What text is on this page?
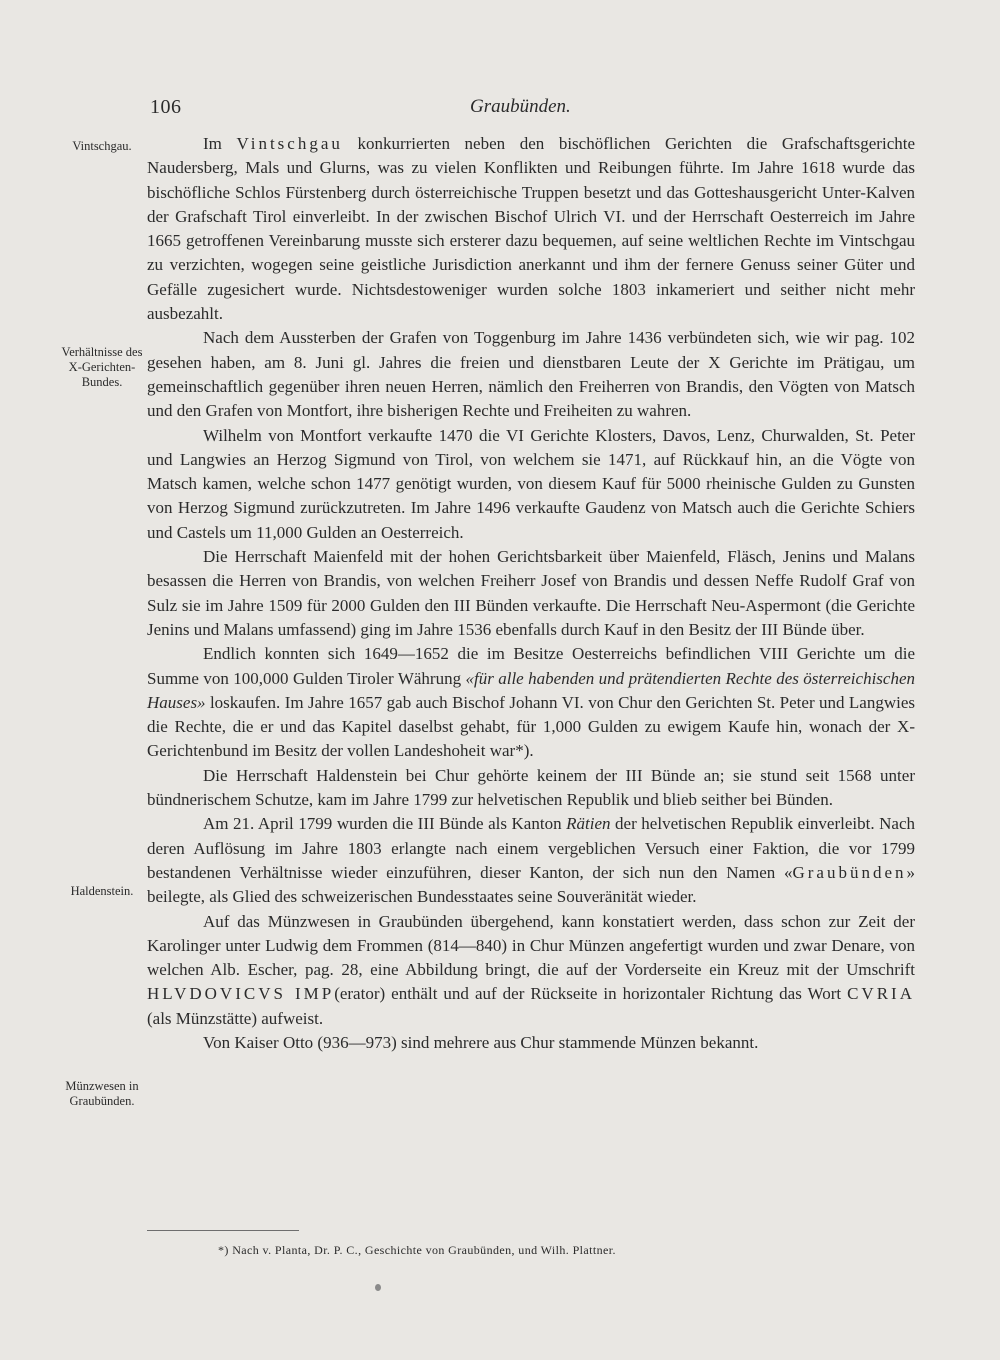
106	Graubünden.
Vintschgau.
Verhältnisse des X-Gerichten-Bundes.
Haldenstein.
Münzwesen in Graubünden.

Im Vintschgau konkurrierten neben den bischöflichen Gerichten die Grafschaftsgerichte Naudersberg, Mals und Glurns, was zu vielen Konflikten und Reibungen führte. Im Jahre 1618 wurde das bischöfliche Schlos Fürstenberg durch österreichische Truppen besetzt und das Gotteshausgericht Unter-Kalven der Grafschaft Tirol einverleibt. In der zwischen Bischof Ulrich VI. und der Herrschaft Oesterreich im Jahre 1665 getroffenen Vereinbarung musste sich ersterer dazu bequemen, auf seine weltlichen Rechte im Vintschgau zu verzichten, wogegen seine geistliche Jurisdiction anerkannt und ihm der fernere Genuss seiner Güter und Gefälle zugesichert wurde. Nichtsdestoweniger wurden solche 1803 inkameriert und seither nicht mehr ausbezahlt.

Nach dem Aussterben der Grafen von Toggenburg im Jahre 1436 verbündeten sich, wie wir pag. 102 gesehen haben, am 8. Juni gl. Jahres die freien und dienstbaren Leute der X Gerichte im Prätigau, um gemeinschaftlich gegenüber ihren neuen Herren, nämlich den Freiherren von Brandis, den Vögten von Matsch und den Grafen von Montfort, ihre bisherigen Rechte und Freiheiten zu wahren.

Wilhelm von Montfort verkaufte 1470 die VI Gerichte Klosters, Davos, Lenz, Churwalden, St. Peter und Langwies an Herzog Sigmund von Tirol, von welchem sie 1471, auf Rückkauf hin, an die Vögte von Matsch kamen, welche schon 1477 genötigt wurden, von diesem Kauf für 5000 rheinische Gulden zu Gunsten von Herzog Sigmund zurückzutreten. Im Jahre 1496 verkaufte Gaudenz von Matsch auch die Gerichte Schiers und Castels um 11,000 Gulden an Oesterreich.

Die Herrschaft Maienfeld mit der hohen Gerichtsbarkeit über Maienfeld, Fläsch, Jenins und Malans besassen die Herren von Brandis, von welchen Freiherr Josef von Brandis und dessen Neffe Rudolf Graf von Sulz sie im Jahre 1509 für 2000 Gulden den III Bünden verkaufte. Die Herrschaft Neu-Aspermont (die Gerichte Jenins und Malans umfassend) ging im Jahre 1536 ebenfalls durch Kauf in den Besitz der III Bünde über.

Endlich konnten sich 1649—1652 die im Besitze Oesterreichs befindlichen VIII Gerichte um die Summe von 100,000 Gulden Tiroler Währung «für alle habenden und prätendierten Rechte des österreichischen Hauses» loskaufen. Im Jahre 1657 gab auch Bischof Johann VI. von Chur den Gerichten St. Peter und Langwies die Rechte, die er und das Kapitel daselbst gehabt, für 1,000 Gulden zu ewigem Kaufe hin, wonach der X-Gerichtenbund im Besitz der vollen Landeshoheit war*).

Die Herrschaft Haldenstein bei Chur gehörte keinem der III Bünde an; sie stund seit 1568 unter bündnerischem Schutze, kam im Jahre 1799 zur helvetischen Republik und blieb seither bei Bünden.

Am 21. April 1799 wurden die III Bünde als Kanton Rätien der helvetischen Republik einverleibt. Nach deren Auflösung im Jahre 1803 erlangte nach einem vergeblichen Versuch einer Faktion, die vor 1799 bestandenen Verhältnisse wieder einzuführen, dieser Kanton, der sich nun den Namen «Graubünden» beilegte, als Glied des schweizerischen Bundesstaates seine Souveränität wieder.

Auf das Münzwesen in Graubünden übergehend, kann konstatiert werden, dass schon zur Zeit der Karolinger unter Ludwig dem Frommen (814—840) in Chur Münzen angefertigt wurden und zwar Denare, von welchen Alb. Escher, pag. 28, eine Abbildung bringt, die auf der Vorderseite ein Kreuz mit der Umschrift HLVDOVICVS IMP(erator) enthält und auf der Rückseite in horizontaler Richtung das Wort CVRIA (als Münzstätte) aufweist.

Von Kaiser Otto (936—973) sind mehrere aus Chur stammende Münzen bekannt.

*) Nach v. Planta, Dr. P. C., Geschichte von Graubünden, und Wilh. Plattner.
